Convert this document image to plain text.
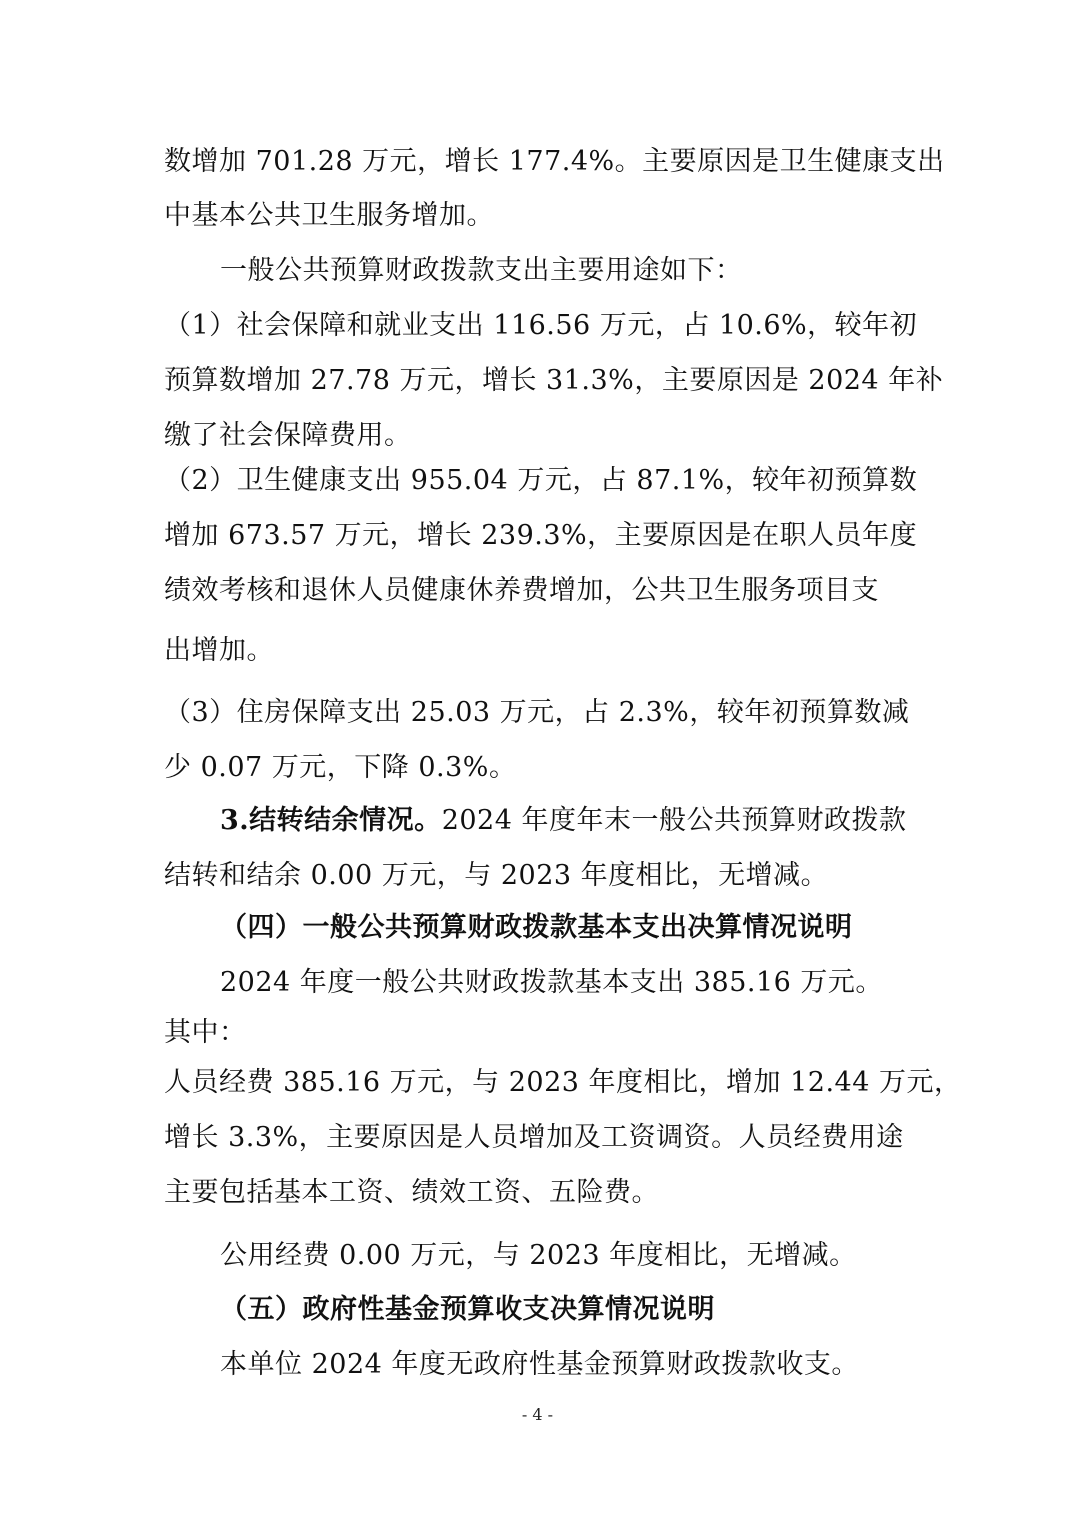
数增加 701.28 万元，增长 177.4%。主要原因是卫生健康支出
中基本公共卫生服务增加。
一般公共预算财政拨款支出主要用途如下：
（1）社会保障和就业支出 116.56 万元，占 10.6%，较年初
预算数增加 27.78 万元，增长 31.3%，主要原因是 2024 年补
缴了社会保障费用。
（2）卫生健康支出 955.04 万元，占 87.1%，较年初预算数
增加 673.57 万元，增长 239.3%，主要原因是在职人员年度
绩效考核和退休人员健康休养费增加，公共卫生服务项目支
出增加。
（3）住房保障支出 25.03 万元，占 2.3%，较年初预算数减
少 0.07 万元，下降 0.3%。
3.结转结余情况。2024 年度年末一般公共预算财政拨款
结转和结余 0.00 万元，与 2023 年度相比，无增减。
（四）一般公共预算财政拨款基本支出决算情况说明
2024 年度一般公共财政拨款基本支出 385.16 万元。
其中：
人员经费 385.16 万元，与 2023 年度相比，增加 12.44 万元，
增长 3.3%，主要原因是人员增加及工资调资。人员经费用途
主要包括基本工资、绩效工资、五险费。
公用经费 0.00 万元，与 2023 年度相比，无增减。
（五）政府性基金预算收支决算情况说明
本单位 2024 年度无政府性基金预算财政拨款收支。
- 4 -
